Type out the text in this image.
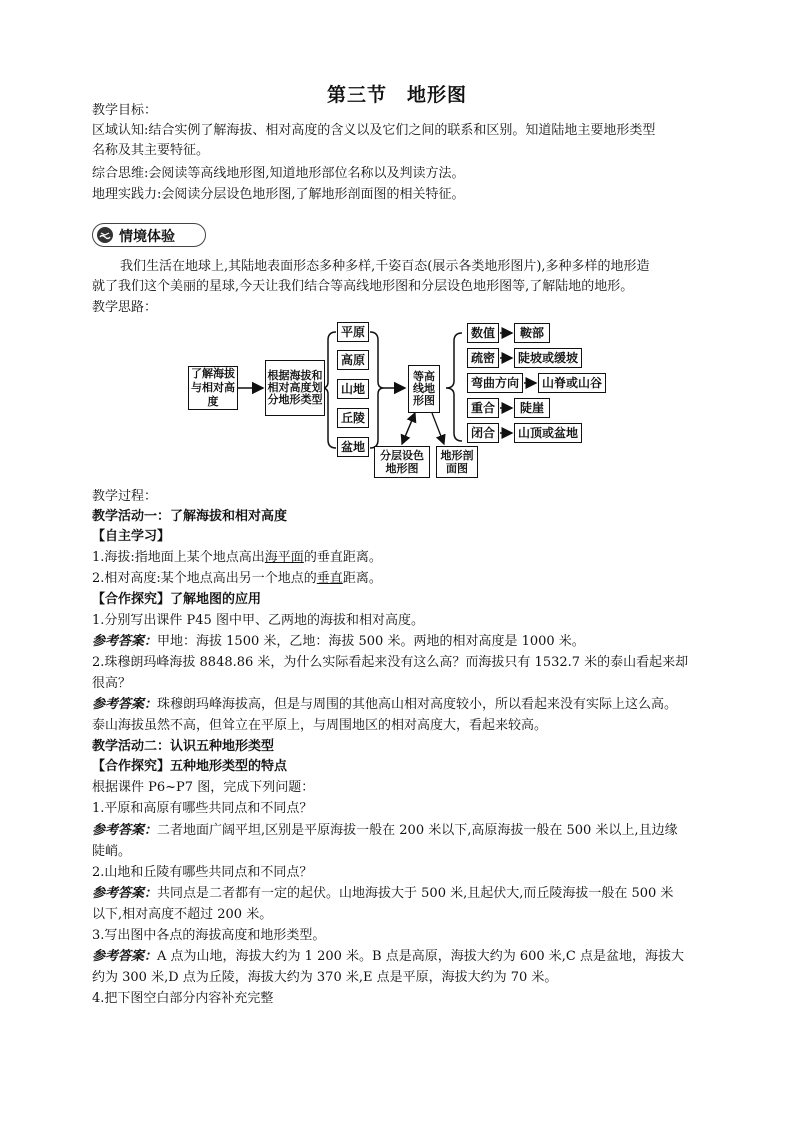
第三节　地形图
教学目标：
区域认知:结合实例了解海拔、相对高度的含义以及它们之间的联系和区别。知道陆地主要地形类型
名称及其主要特征。
综合思维:会阅读等高线地形图,知道地形部位名称以及判读方法。
地理实践力:会阅读分层设色地形图,了解地形剖面图的相关特征。
情境体验
我们生活在地球上,其陆地表面形态多种多样,千姿百态(展示各类地形图片),多种多样的地形造
就了我们这个美丽的星球,今天让我们结合等高线地形图和分层设色地形图等,了解陆地的地形。
教学思路：
了解海拔与相对高度
根据海拔和相对高度划分地形类型
平原
高原
山地
丘陵
盆地
等高线地形图
分层设色地形图
地形剖面图
数值	鞍部
疏密	陡坡或缓坡
弯曲方向	山脊或山谷
重合	陡崖
闭合	山顶或盆地
教学过程：
教学活动一：了解海拔和相对高度
【自主学习】
1.海拔:指地面上某个地点高出海平面的垂直距离。
2.相对高度:某个地点高出另一个地点的垂直距离。
【合作探究】了解地图的应用
1.分别写出课件 P45 图中甲、乙两地的海拔和相对高度。
参考答案：甲地：海拔 1500 米，乙地：海拔 500 米。两地的相对高度是 1000 米。
2.珠穆朗玛峰海拔 8848.86 米，为什么实际看起来没有这么高？而海拔只有 1532.7 米的泰山看起来却
很高？
参考答案：珠穆朗玛峰海拔高，但是与周围的其他高山相对高度较小，所以看起来没有实际上这么高。
泰山海拔虽然不高，但耸立在平原上，与周围地区的相对高度大，看起来较高。
教学活动二：认识五种地形类型
【合作探究】五种地形类型的特点
根据课件 P6~P7 图，完成下列问题：
1.平原和高原有哪些共同点和不同点？
参考答案：二者地面广阔平坦,区别是平原海拔一般在 200 米以下,高原海拔一般在 500 米以上,且边缘
陡峭。
2.山地和丘陵有哪些共同点和不同点？
参考答案：共同点是二者都有一定的起伏。山地海拔大于 500 米,且起伏大,而丘陵海拔一般在 500 米
以下,相对高度不超过 200 米。
3.写出图中各点的海拔高度和地形类型。
参考答案：A 点为山地，海拔大约为 1 200 米。B 点是高原，海拔大约为 600 米,C 点是盆地，海拔大
约为 300 米,D 点为丘陵，海拔大约为 370 米,E 点是平原，海拔大约为 70 米。
4.把下图空白部分内容补充完整
